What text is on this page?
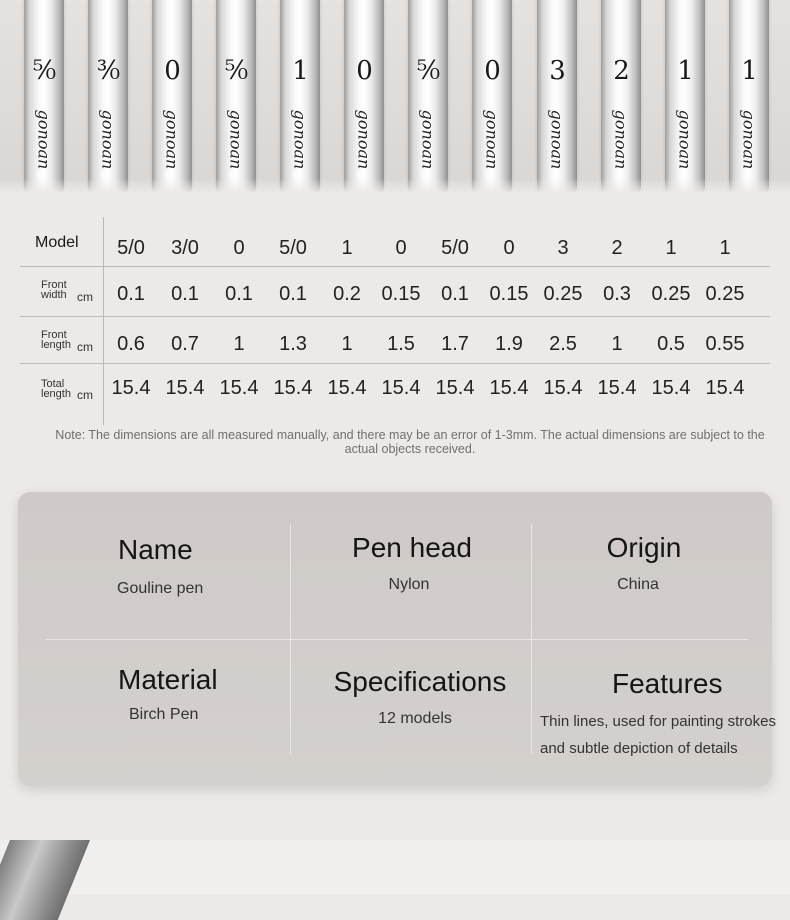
⁵⁄₀
gonoan
³⁄₀
gonoan
0
gonoan
⁵⁄₀
gonoan
1
gonoan
0
gonoan
⁵⁄₀
gonoan
0
gonoan
3
gonoan
2
gonoan
1
gonoan
1
gonoan
Model	5/0	3/0	0	5/0	1	0	5/0	0	3	2	1	1
Front
width cm	0.1	0.1	0.1	0.1	0.2	0.15	0.1	0.15 0.25	0.3	0.25 0.25
Front
length cm	0.6	0.7	1	1.3	1	1.5	1.7	1.9	2.5	1	0.5	0.55
Total
length cm 15.4 15.4 15.4 15.4 15.4 15.4 15.4 15.4 15.4 15.4 15.4 15.4
Note: The dimensions are all measured manually, and there may be an error of 1-3mm. The actual dimensions are subject to the actual objects received.
Name
Gouline pen
Pen head
Nylon
Origin
China
Material
Birch Pen
Specifications
12 models
Features
Thin lines, used for painting strokes
and subtle depiction of details
